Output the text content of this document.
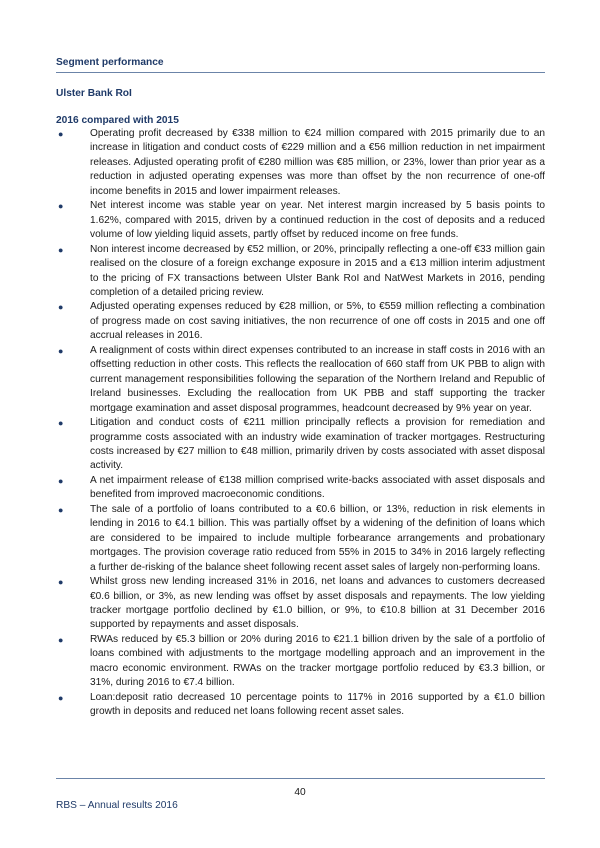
Segment performance
Ulster Bank RoI
2016 compared with 2015
●	Operating profit decreased by €338 million to €24 million compared with 2015 primarily due to an increase in litigation and conduct costs of €229 million and a €56 million reduction in net impairment releases. Adjusted operating profit of €280 million was €85 million, or 23%, lower than prior year as a reduction in adjusted operating expenses was more than offset by the non recurrence of one-off income benefits in 2015 and lower impairment releases.
●	Net interest income was stable year on year. Net interest margin increased by 5 basis points to 1.62%, compared with 2015, driven by a continued reduction in the cost of deposits and a reduced volume of low yielding liquid assets, partly offset by reduced income on free funds.
●	Non interest income decreased by €52 million, or 20%, principally reflecting a one-off €33 million gain realised on the closure of a foreign exchange exposure in 2015 and a €13 million interim adjustment to the pricing of FX transactions between Ulster Bank RoI and NatWest Markets in 2016, pending completion of a detailed pricing review.
●	Adjusted operating expenses reduced by €28 million, or 5%, to €559 million reflecting a combination of progress made on cost saving initiatives, the non recurrence of one off costs in 2015 and one off accrual releases in 2016.
●	A realignment of costs within direct expenses contributed to an increase in staff costs in 2016 with an offsetting reduction in other costs. This reflects the reallocation of 660 staff from UK PBB to align with current management responsibilities following the separation of the Northern Ireland and Republic of Ireland businesses. Excluding the reallocation from UK PBB and staff supporting the tracker mortgage examination and asset disposal programmes, headcount decreased by 9% year on year.
●	Litigation and conduct costs of €211 million principally reflects a provision for remediation and programme costs associated with an industry wide examination of tracker mortgages. Restructuring costs increased by €27 million to €48 million, primarily driven by costs associated with asset disposal activity.
●	A net impairment release of €138 million comprised write-backs associated with asset disposals and benefited from improved macroeconomic conditions.
●	The sale of a portfolio of loans contributed to a €0.6 billion, or 13%, reduction in risk elements in lending in 2016 to €4.1 billion. This was partially offset by a widening of the definition of loans which are considered to be impaired to include multiple forbearance arrangements and probationary mortgages. The provision coverage ratio reduced from 55% in 2015 to 34% in 2016 largely reflecting a further de-risking of the balance sheet following recent asset sales of largely non-performing loans.
●	Whilst gross new lending increased 31% in 2016, net loans and advances to customers decreased €0.6 billion, or 3%, as new lending was offset by asset disposals and repayments. The low yielding tracker mortgage portfolio declined by €1.0 billion, or 9%, to €10.8 billion at 31 December 2016 supported by repayments and asset disposals.
●	RWAs reduced by €5.3 billion or 20% during 2016 to €21.1 billion driven by the sale of a portfolio of loans combined with adjustments to the mortgage modelling approach and an improvement in the macro economic environment. RWAs on the tracker mortgage portfolio reduced by €3.3 billion, or 31%, during 2016 to €7.4 billion.
●	Loan:deposit ratio decreased 10 percentage points to 117% in 2016 supported by a €1.0 billion growth in deposits and reduced net loans following recent asset sales.
40
RBS – Annual results 2016
